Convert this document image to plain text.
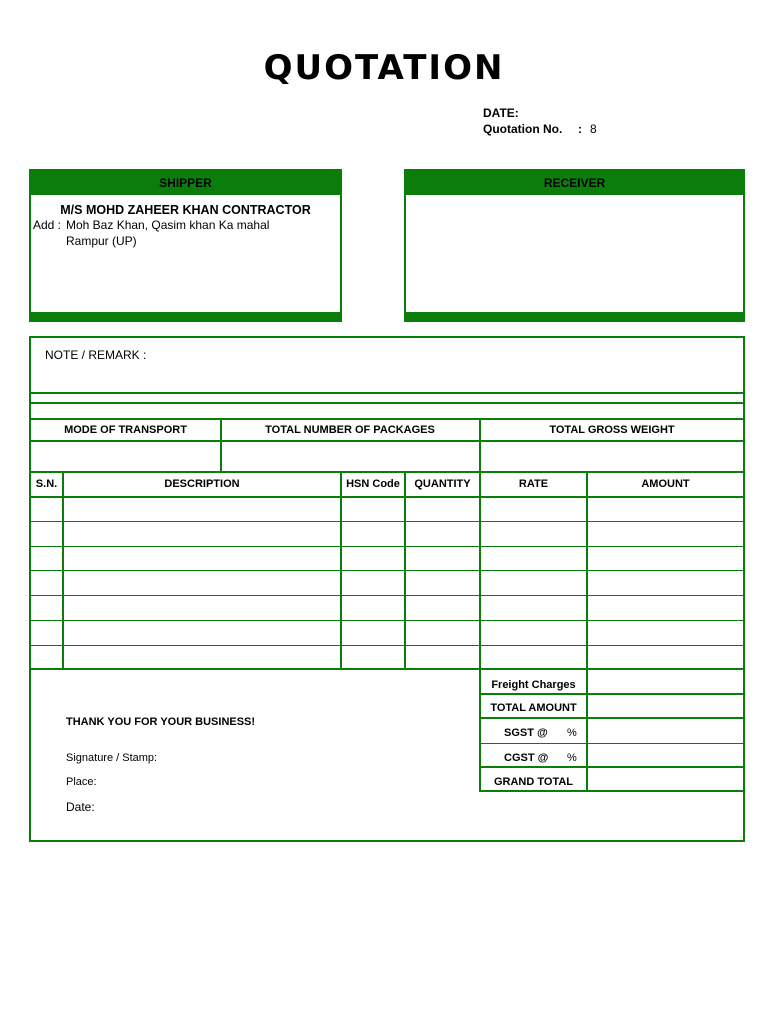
QUOTATION
DATE:
Quotation No. : 8
SHIPPER
M/S MOHD ZAHEER KHAN CONTRACTOR
Add : Moh Baz Khan, Qasim khan Ka mahal
Rampur (UP)
RECEIVER
NOTE / REMARK :
MODE OF TRANSPORT	TOTAL NUMBER OF PACKAGES	TOTAL GROSS WEIGHT
S.N.	DESCRIPTION	HSN Code	QUANTITY	RATE	AMOUNT
THANK YOU FOR YOUR BUSINESS!
Signature / Stamp:
Place:
Date:
Freight Charges
TOTAL AMOUNT
SGST @ %
CGST @ %
GRAND TOTAL
